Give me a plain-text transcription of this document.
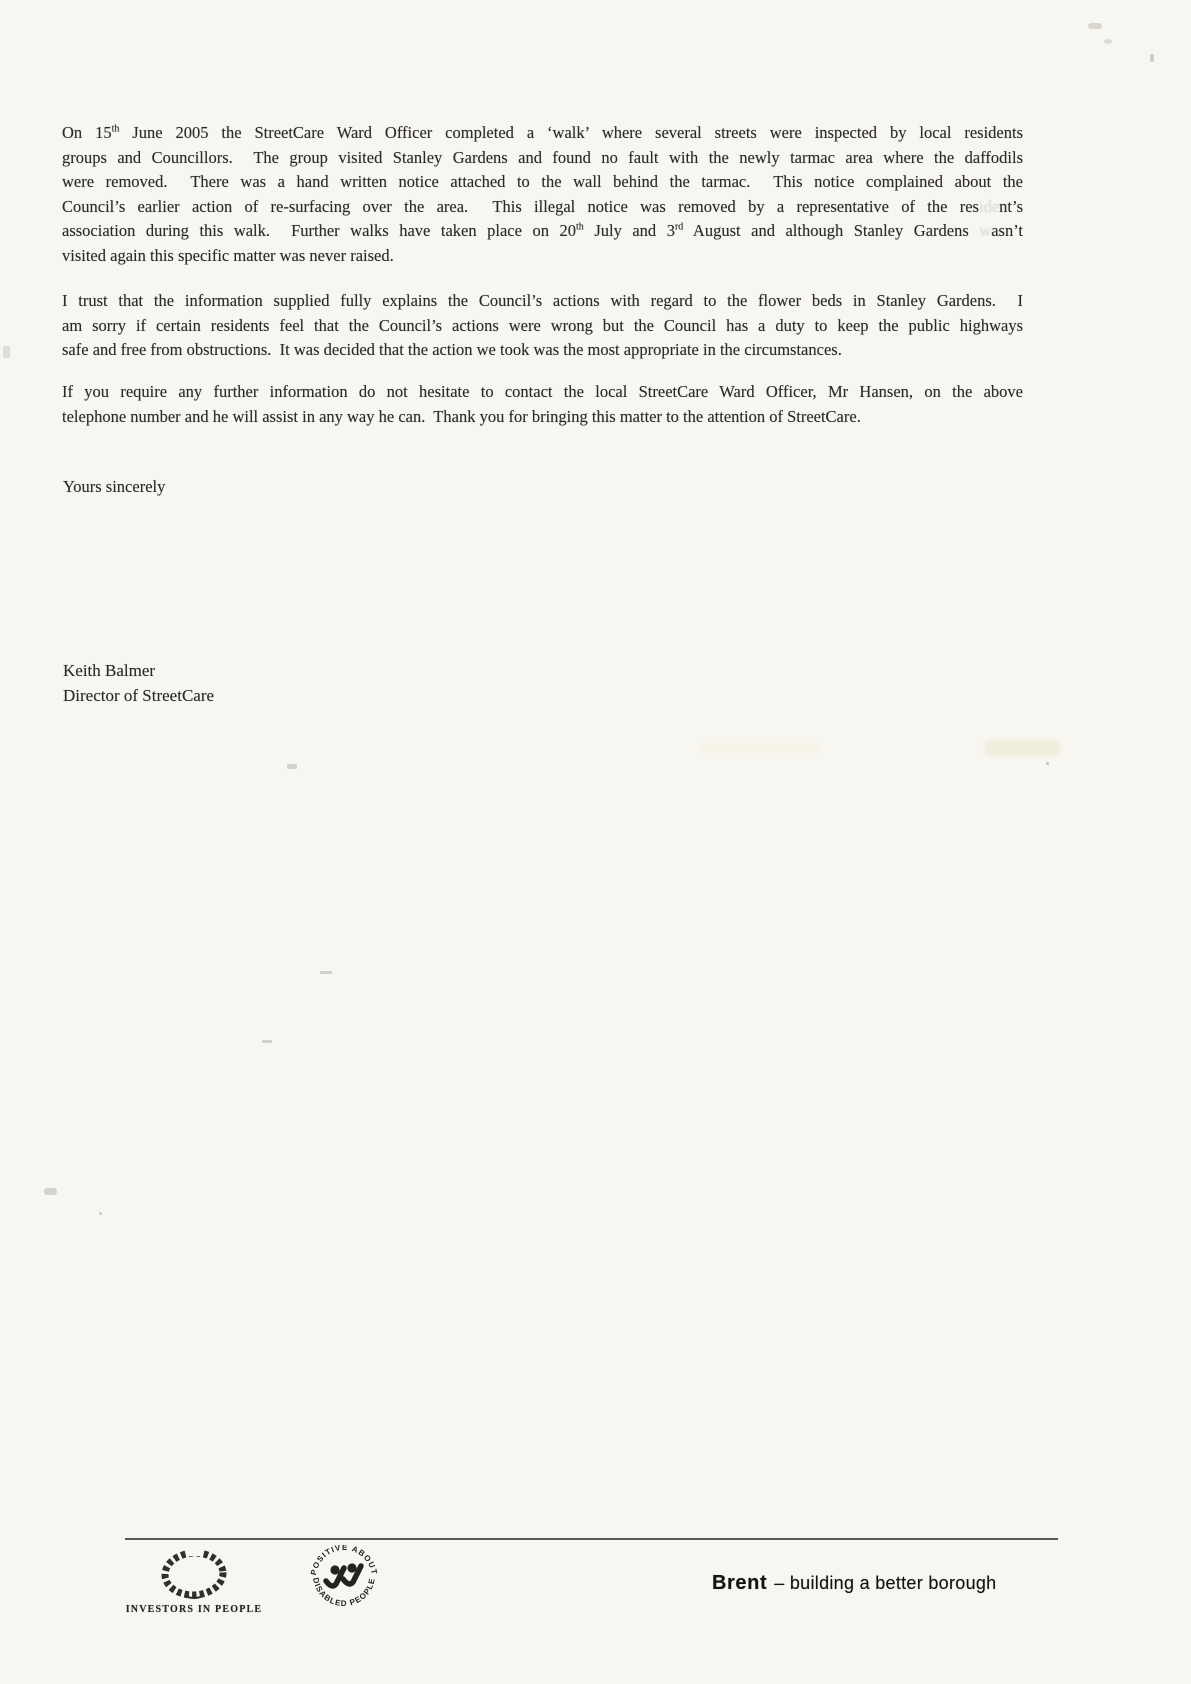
On 15th June 2005 the StreetCare Ward Officer completed a ‘walk’ where several streets were inspected by local residents
groups and Councillors.  The group visited Stanley Gardens and found no fault with the newly tarmac area where the daffodils
were removed.  There was a hand written notice attached to the wall behind the tarmac.  This notice complained about the
Council’s earlier action of re-surfacing over the area.  This illegal notice was removed by a representative of the resident’s
association during this walk.  Further walks have taken place on 20th July and 3rd August and although Stanley Gardens wasn’t
visited again this specific matter was never raised.
I trust that the information supplied fully explains the Council’s actions with regard to the flower beds in Stanley Gardens.  I
am sorry if certain residents feel that the Council’s actions were wrong but the Council has a duty to keep the public highways
safe and free from obstructions.  It was decided that the action we took was the most appropriate in the circumstances.
If you require any further information do not hesitate to contact the local StreetCare Ward Officer, Mr Hansen, on the above
telephone number and he will assist in any way he can.  Thank you for bringing this matter to the attention of StreetCare.
Yours sincerely
Keith Balmer
Director of StreetCare
INVESTORS IN PEOPLE
POSITIVE ABOUT
DISABLED PEOPLE	Brent – building a better borough
